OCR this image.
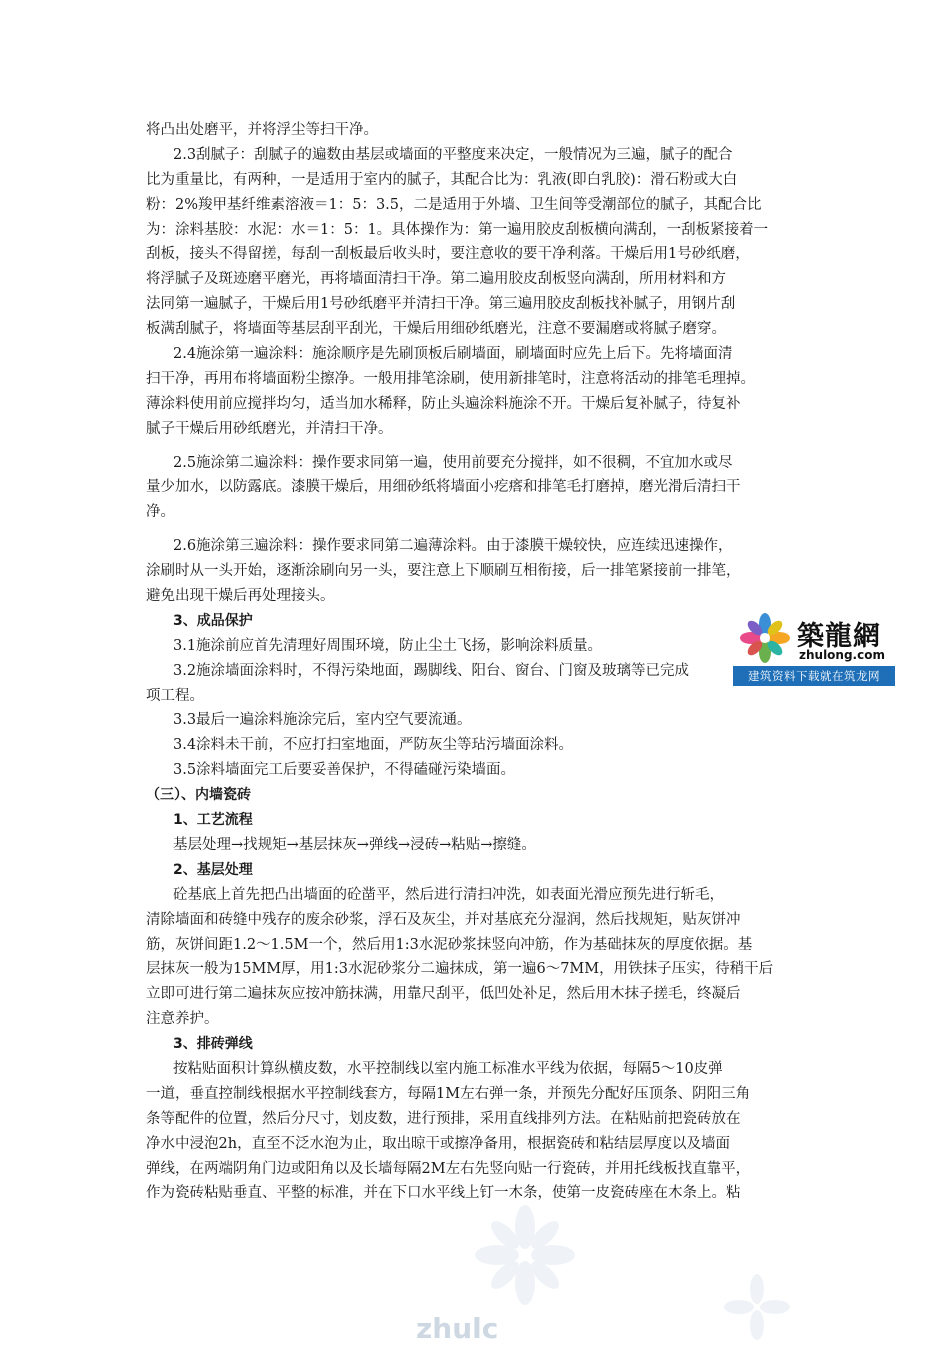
将凸出处磨平，并将浮尘等扫干净。
2.3刮腻子：刮腻子的遍数由基层或墙面的平整度来决定，一般情况为三遍，腻子的配合
比为重量比，有两种，一是适用于室内的腻子，其配合比为：乳液(即白乳胶)：滑石粉或大白
粉：2%羧甲基纤维素溶液＝1：5：3.5，二是适用于外墙、卫生间等受潮部位的腻子，其配合比
为：涂料基胶：水泥：水＝1：5：1。具体操作为：第一遍用胶皮刮板横向满刮，一刮板紧接着一
刮板，接头不得留搓，每刮一刮板最后收头时，要注意收的要干净利落。干燥后用1号砂纸磨，
将浮腻子及斑迹磨平磨光，再将墙面清扫干净。第二遍用胶皮刮板竖向满刮，所用材料和方
法同第一遍腻子，干燥后用1号砂纸磨平并清扫干净。第三遍用胶皮刮板找补腻子，用钢片刮
板满刮腻子，将墙面等基层刮平刮光，干燥后用细砂纸磨光，注意不要漏磨或将腻子磨穿。
2.4施涂第一遍涂料：施涂顺序是先刷顶板后刷墙面，刷墙面时应先上后下。先将墙面清
扫干净，再用布将墙面粉尘擦净。一般用排笔涂刷，使用新排笔时，注意将活动的排笔毛理掉。
薄涂料使用前应搅拌均匀，适当加水稀释，防止头遍涂料施涂不开。干燥后复补腻子，待复补
腻子干燥后用砂纸磨光，并清扫干净。
2.5施涂第二遍涂料：操作要求同第一遍，使用前要充分搅拌，如不很稠，不宜加水或尽
量少加水，以防露底。漆膜干燥后，用细砂纸将墙面小疙瘩和排笔毛打磨掉，磨光滑后清扫干
净。
2.6施涂第三遍涂料：操作要求同第二遍薄涂料。由于漆膜干燥较快，应连续迅速操作，
涂刷时从一头开始，逐渐涂刷向另一头，要注意上下顺刷互相衔接，后一排笔紧接前一排笔，
避免出现干燥后再处理接头。
3、成品保护
3.1施涂前应首先清理好周围环境，防止尘土飞扬，影响涂料质量。
3.2施涂墙面涂料时，不得污染地面，踢脚线、阳台、窗台、门窗及玻璃等已完成
项工程。
3.3最后一遍涂料施涂完后，室内空气要流通。
3.4涂料未干前，不应打扫室地面，严防灰尘等玷污墙面涂料。
3.5涂料墙面完工后要妥善保护，不得磕碰污染墙面。
（三）、内墙瓷砖
1、工艺流程
基层处理→找规矩→基层抹灰→弹线→浸砖→粘贴→擦缝。
2、基层处理
砼基底上首先把凸出墙面的砼凿平，然后进行清扫冲洗，如表面光滑应预先进行斩毛，
清除墙面和砖缝中残存的废余砂浆，浮石及灰尘，并对基底充分湿润，然后找规矩，贴灰饼冲
筋，灰饼间距1.2～1.5M一个，然后用1:3水泥砂浆抹竖向冲筋，作为基础抹灰的厚度依据。基
层抹灰一般为15MM厚，用1:3水泥砂浆分二遍抹成，第一遍6～7MM，用铁抹子压实，待稍干后
立即可进行第二遍抹灰应按冲筋抹满，用靠尺刮平，低凹处补足，然后用木抹子搓毛，终凝后
注意养护。
3、排砖弹线
按粘贴面积计算纵横皮数，水平控制线以室内施工标准水平线为依据，每隔5～10皮弹
一道，垂直控制线根据水平控制线套方，每隔1M左右弹一条，并预先分配好压顶条、阴阳三角
条等配件的位置，然后分尺寸，划皮数，进行预排，采用直线排列方法。在粘贴前把瓷砖放在
净水中浸泡2h，直至不泛水泡为止，取出晾干或擦净备用，根据瓷砖和粘结层厚度以及墙面
弹线，在两端阴角门边或阳角以及长墙每隔2M左右先竖向贴一行瓷砖，并用托线板找直靠平，
作为瓷砖粘贴垂直、平整的标准，并在下口水平线上钉一木条，使第一皮瓷砖座在木条上。粘
築龍網
zhulong.com
建筑资料下载就在筑龙网
zhulc
